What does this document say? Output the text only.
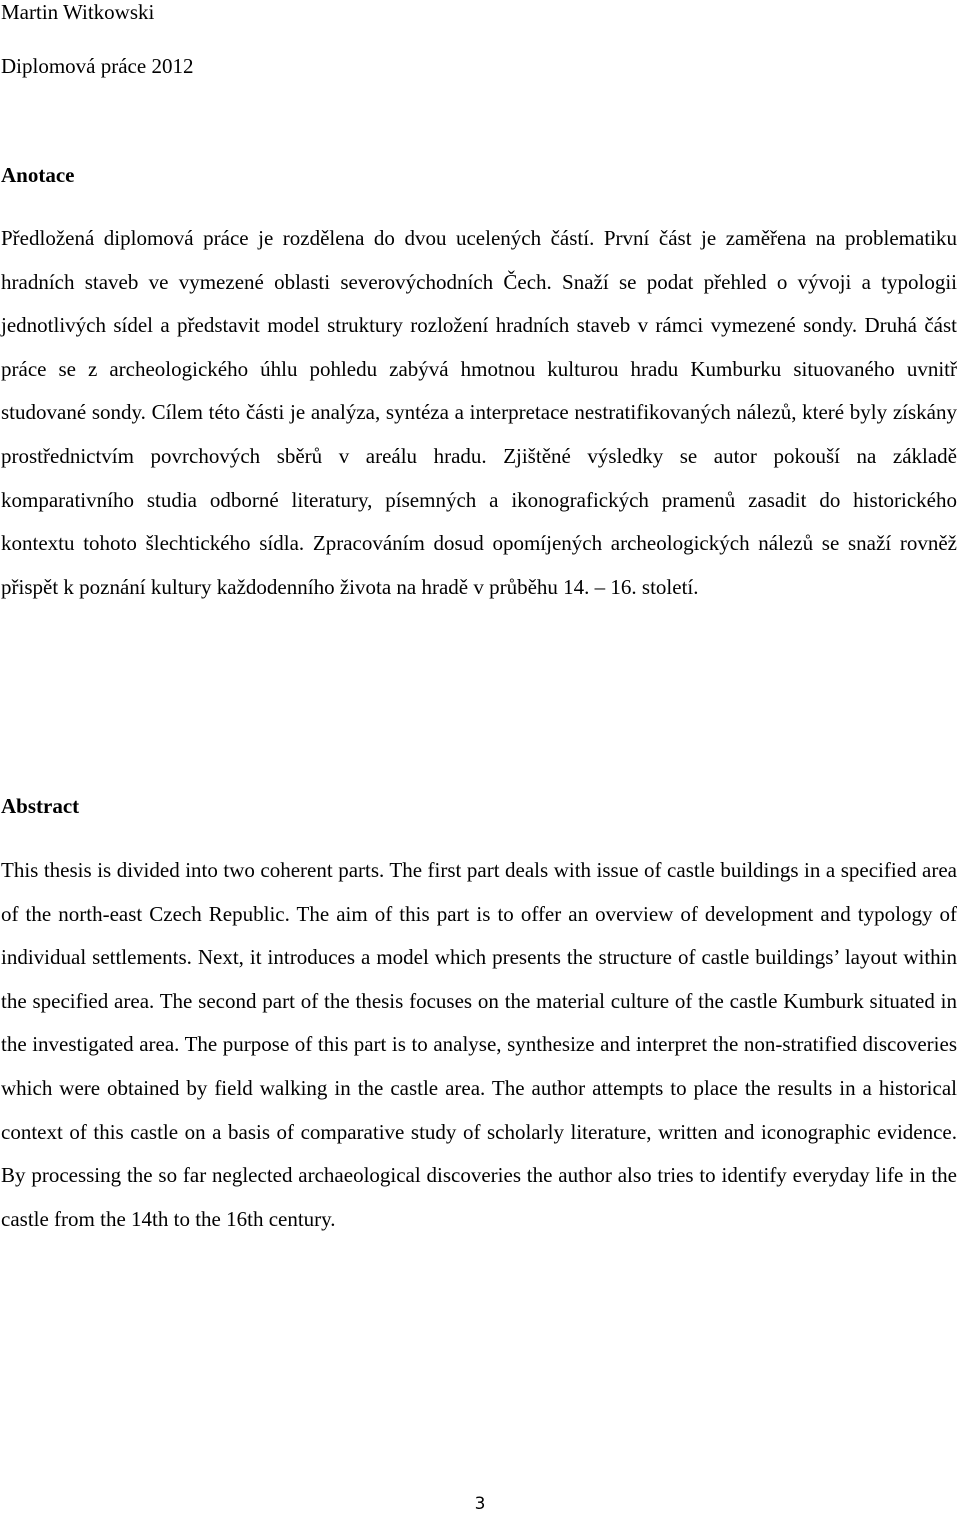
Martin Witkowski

Diplomová práce 2012

Anotace

Předložená diplomová práce je rozdělena do dvou ucelených částí. První část je zaměřena na problematiku hradních staveb ve vymezené oblasti severovýchodních Čech. Snaží se podat přehled o vývoji a typologii jednotlivých sídel a představit model struktury rozložení hradních staveb v rámci vymezené sondy. Druhá část práce se z archeologického úhlu pohledu zabývá hmotnou kulturou hradu Kumburku situovaného uvnitř studované sondy. Cílem této části je analýza, syntéza a interpretace nestratifikovaných nálezů, které byly získány prostřednictvím povrchových sběrů v areálu hradu. Zjištěné výsledky se autor pokouší na základě komparativního studia odborné literatury, písemných a ikonografických pramenů zasadit do historického kontextu tohoto šlechtického sídla. Zpracováním dosud opomíjených archeologických nálezů se snaží rovněž přispět k poznání kultury každodenního života na hradě v průběhu 14. – 16. století.

Abstract

This thesis is divided into two coherent parts. The first part deals with issue of castle buildings in a specified area of the north-east Czech Republic. The aim of this part is to offer an overview of development and typology of individual settlements. Next, it introduces a model which presents the structure of castle buildings’ layout within the specified area. The second part of the thesis focuses on the material culture of the castle Kumburk situated in the investigated area. The purpose of this part is to analyse, synthesize and interpret the non-stratified discoveries which were obtained by field walking in the castle area. The author attempts to place the results in a historical context of this castle on a basis of comparative study of scholarly literature, written and iconographic evidence. By processing the so far neglected archaeological discoveries the author also tries to identify everyday life in the castle from the 14th to the 16th century.

3
